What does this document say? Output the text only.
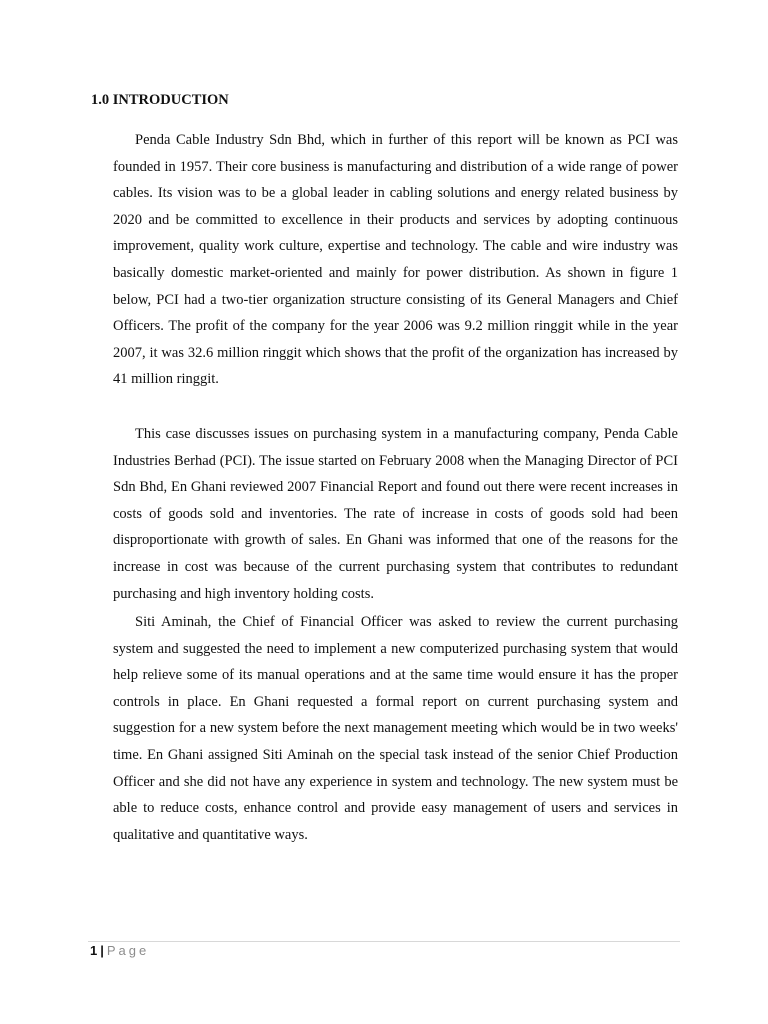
1.0 INTRODUCTION

Penda Cable Industry Sdn Bhd, which in further of this report will be known as PCI was founded in 1957. Their core business is manufacturing and distribution of a wide range of power cables. Its vision was to be a global leader in cabling solutions and energy related business by 2020 and be committed to excellence in their products and services by adopting continuous improvement, quality work culture, expertise and technology. The cable and wire industry was basically domestic market-oriented and mainly for power distribution. As shown in figure 1 below, PCI had a two-tier organization structure consisting of its General Managers and Chief Officers. The profit of the company for the year 2006 was 9.2 million ringgit while in the year 2007, it was 32.6 million ringgit which shows that the profit of the organization has increased by 41 million ringgit.

This case discusses issues on purchasing system in a manufacturing company, Penda Cable Industries Berhad (PCI). The issue started on February 2008 when the Managing Director of PCI Sdn Bhd, En Ghani reviewed 2007 Financial Report and found out there were recent increases in costs of goods sold and inventories. The rate of increase in costs of goods sold had been disproportionate with growth of sales. En Ghani was informed that one of the reasons for the increase in cost was because of the current purchasing system that contributes to redundant purchasing and high inventory holding costs.

Siti Aminah, the Chief of Financial Officer was asked to review the current purchasing system and suggested the need to implement a new computerized purchasing system that would help relieve some of its manual operations and at the same time would ensure it has the proper controls in place. En Ghani requested a formal report on current purchasing system and suggestion for a new system before the next management meeting which would be in two weeks' time. En Ghani assigned Siti Aminah on the special task instead of the senior Chief Production Officer and she did not have any experience in system and technology. The new system must be able to reduce costs, enhance control and provide easy management of users and services in qualitative and quantitative ways.

1 | Page
